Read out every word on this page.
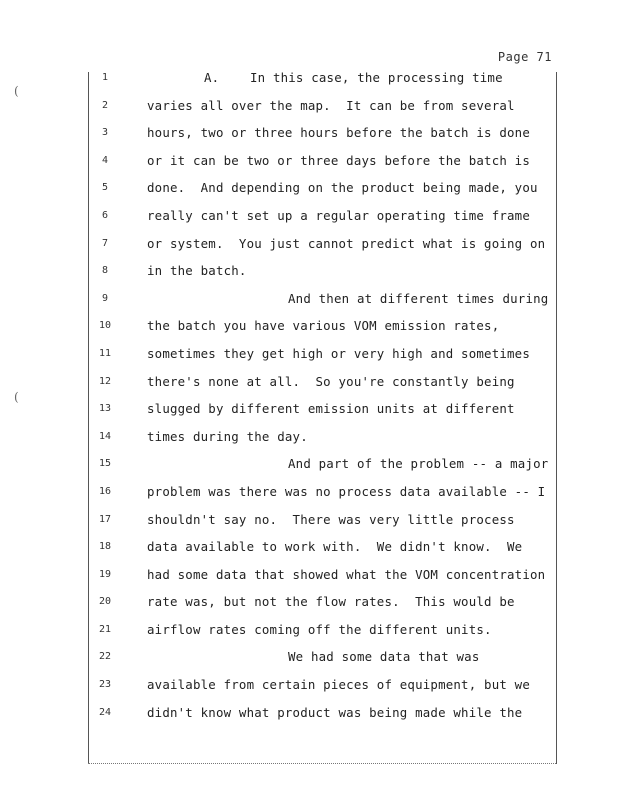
Page 71
(
(
1	A.    In this case, the processing time
2	varies all over the map.  It can be from several
3	hours, two or three hours before the batch is done
4	or it can be two or three days before the batch is
5	done.  And depending on the product being made, you
6	really can't set up a regular operating time frame
7	or system.  You just cannot predict what is going on
8	in the batch.
9	And then at different times during
10	the batch you have various VOM emission rates,
11	sometimes they get high or very high and sometimes
12	there's none at all.  So you're constantly being
13	slugged by different emission units at different
14	times during the day.
15	And part of the problem -- a major
16	problem was there was no process data available -- I
17	shouldn't say no.  There was very little process
18	data available to work with.  We didn't know.  We
19	had some data that showed what the VOM concentration
20	rate was, but not the flow rates.  This would be
21	airflow rates coming off the different units.
22	We had some data that was
23	available from certain pieces of equipment, but we
24	didn't know what product was being made while the
